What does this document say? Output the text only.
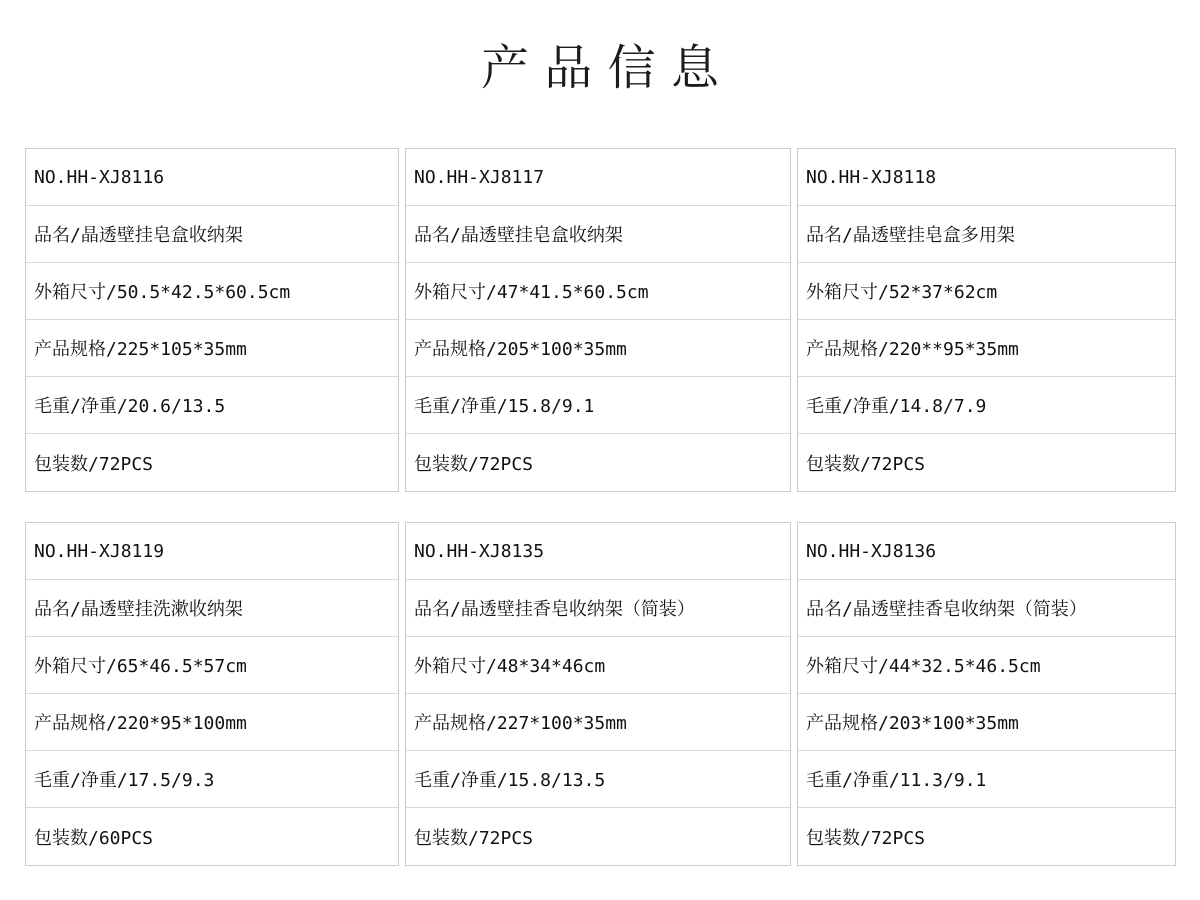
产品信息
NO.HH-XJ8116
品名/晶透壁挂皂盒收纳架
外箱尺寸/50.5*42.5*60.5cm
产品规格/225*105*35mm
毛重/净重/20.6/13.5
包装数/72PCS
NO.HH-XJ8117
品名/晶透壁挂皂盒收纳架
外箱尺寸/47*41.5*60.5cm
产品规格/205*100*35mm
毛重/净重/15.8/9.1
包装数/72PCS
NO.HH-XJ8118
品名/晶透壁挂皂盒多用架
外箱尺寸/52*37*62cm
产品规格/220**95*35mm
毛重/净重/14.8/7.9
包装数/72PCS
NO.HH-XJ8119
品名/晶透壁挂洗漱收纳架
外箱尺寸/65*46.5*57cm
产品规格/220*95*100mm
毛重/净重/17.5/9.3
包装数/60PCS
NO.HH-XJ8135
品名/晶透壁挂香皂收纳架（简装）
外箱尺寸/48*34*46cm
产品规格/227*100*35mm
毛重/净重/15.8/13.5
包装数/72PCS
NO.HH-XJ8136
品名/晶透壁挂香皂收纳架（简装）
外箱尺寸/44*32.5*46.5cm
产品规格/203*100*35mm
毛重/净重/11.3/9.1
包装数/72PCS
